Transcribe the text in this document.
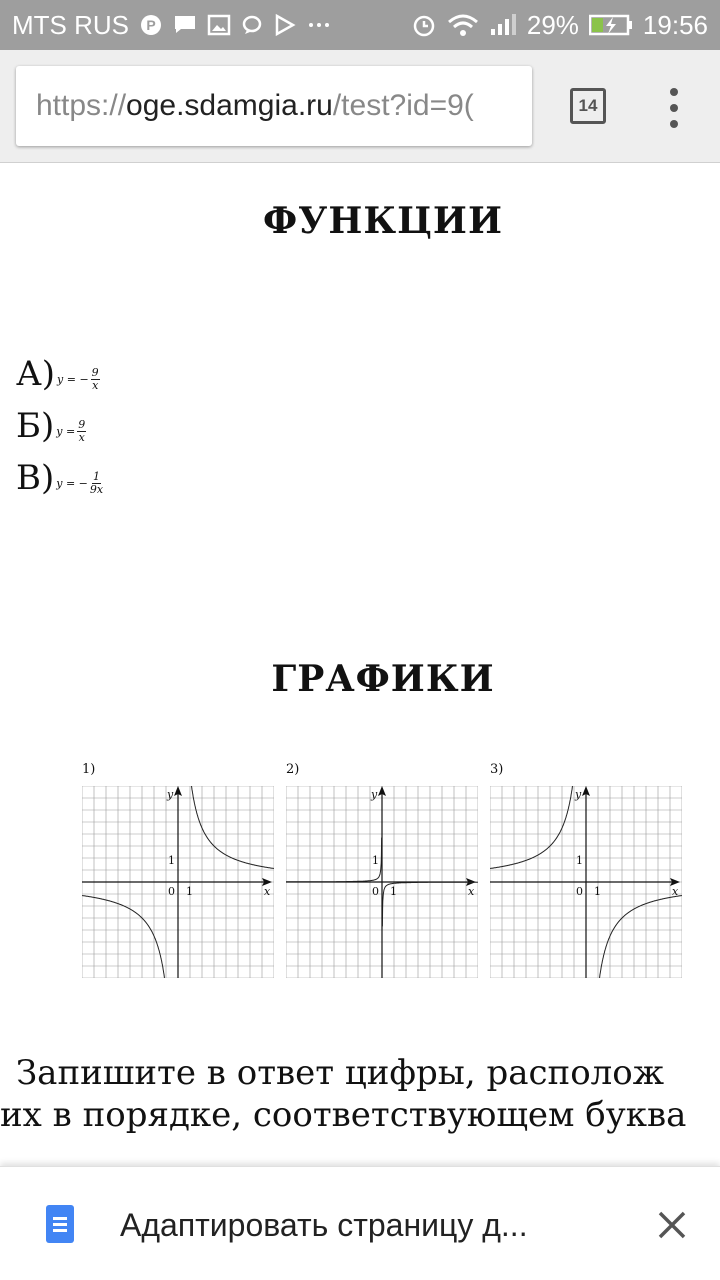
MTS RUS P	29% 19:56
https:// oge.sdamgia.ru /test?id=9(	14
ФУНКЦИИ
А) y = − $\frac{9}{x}$
Б) $y = \frac{9}{x}$
В) y = − $\frac{1}{9x}$
ГРАФИКИ
1)
y
x
0 1
1
2)
y
x
0 1
1
3)
y
x
0 1
1
Запишите в ответ цифры, располож
их в порядке, соответствующем буква
Адаптировать страницу д...
